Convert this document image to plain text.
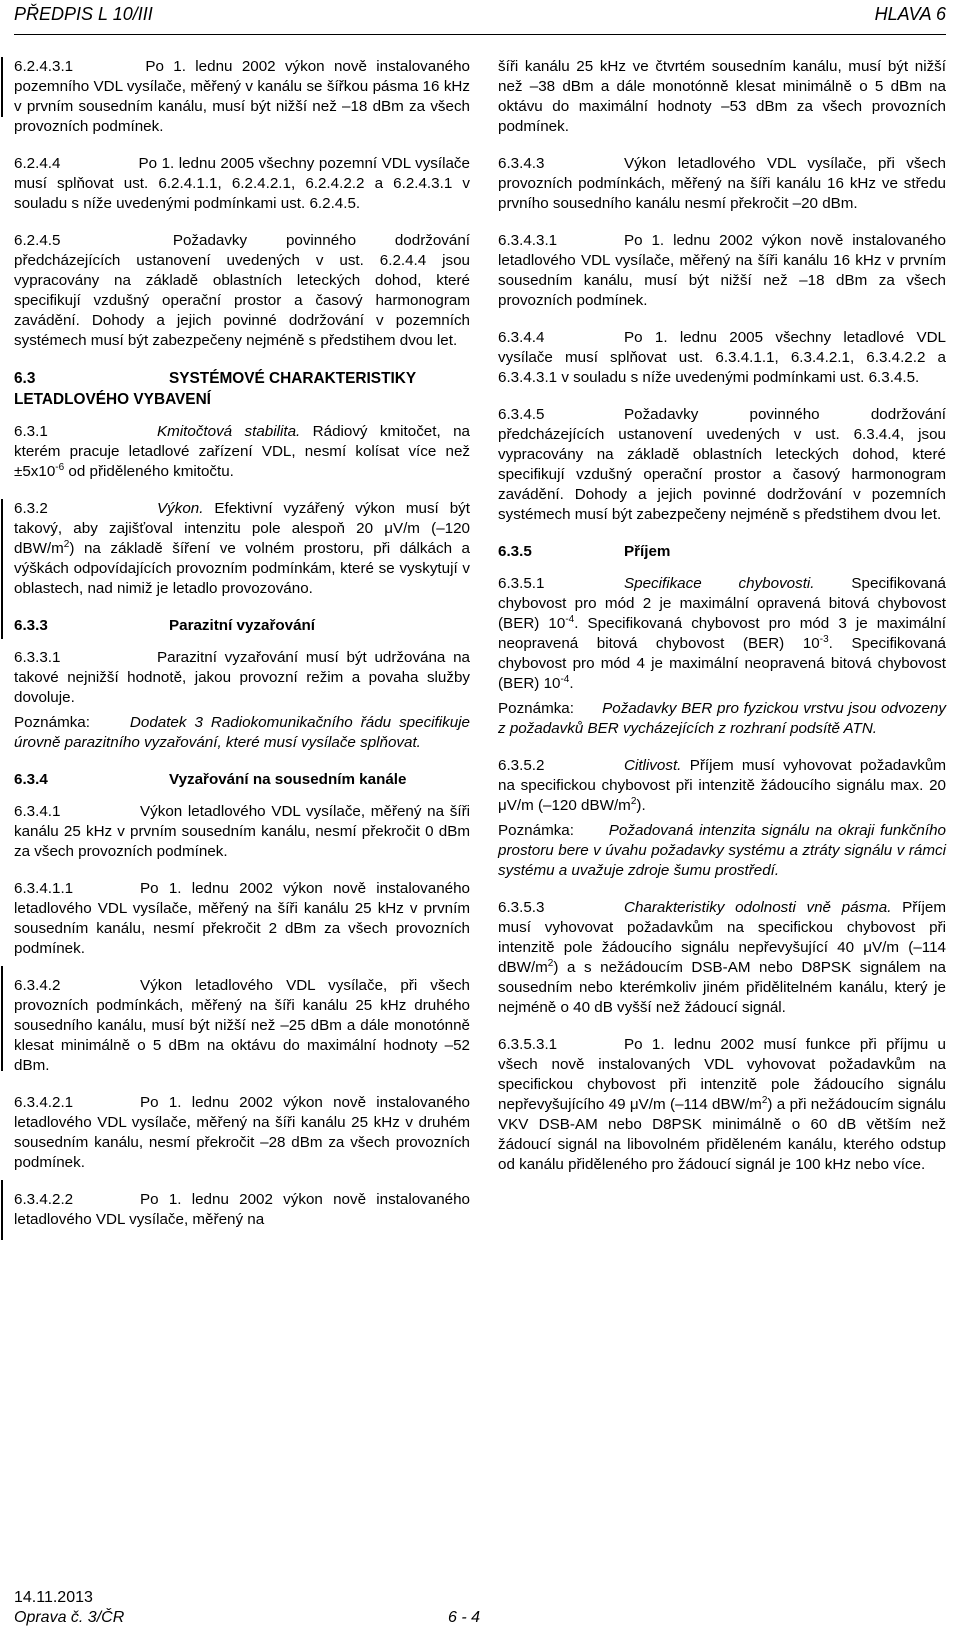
PŘEDPIS L 10/III	HLAVA 6

6.2.4.3.1	Po 1. lednu 2002 výkon nově instalovaného pozemního VDL vysílače, měřený v kanálu se šířkou pásma 16 kHz v prvním sousedním kanálu, musí být nižší než –18 dBm za všech provozních podmínek.

6.2.4.4	Po 1. lednu 2005 všechny pozemní VDL vysílače musí splňovat ust. 6.2.4.1.1, 6.2.4.2.1, 6.2.4.2.2 a 6.2.4.3.1 v souladu s níže uvedenými podmínkami ust. 6.2.4.5.

6.2.4.5	Požadavky povinného dodržování předcházejících ustanovení uvedených v ust. 6.2.4.4 jsou vypracovány na základě oblastních leteckých dohod, které specifikují vzdušný operační prostor a časový harmonogram zavádění. Dohody a jejich povinné dodržování v pozemních systémech musí být zabezpečeny nejméně s předstihem dvou let.

6.3	SYSTÉMOVÉ CHARAKTERISTIKY LETADLOVÉHO VYBAVENÍ

6.3.1	Kmitočtová stabilita. Rádiový kmitočet, na kterém pracuje letadlové zařízení VDL, nesmí kolísat více než $\pm 5x10^{-6}$ od přiděleného kmitočtu.

6.3.2	Výkon. Efektivní vyzářený výkon musí být takový, aby zajišťoval intenzitu pole alespoň 20 μV/m (–120 dBW/$m^2$) na základě šíření ve volném prostoru, při dálkách a výškách odpovídajících provozním podmínkám, které se vyskytují v oblastech, nad nimiž je letadlo provozováno.

6.3.3	Parazitní vyzařování

6.3.3.1	Parazitní vyzařování musí být udržována na takové nejnižší hodnotě, jakou provozní režim a povaha služby dovoluje.

Poznámka:	Dodatek 3 Radiokomunikačního řádu specifikuje úrovně parazitního vyzařování, které musí vysílače splňovat.

6.3.4	Vyzařování na sousedním kanále

6.3.4.1	Výkon letadlového VDL vysílače, měřený na šíři kanálu 25 kHz v prvním sousedním kanálu, nesmí překročit 0 dBm za všech provozních podmínek.

6.3.4.1.1	Po 1. lednu 2002 výkon nově instalovaného letadlového VDL vysílače, měřený na šíři kanálu 25 kHz v prvním sousedním kanálu, nesmí překročit 2 dBm za všech provozních podmínek.

6.3.4.2	Výkon letadlového VDL vysílače, při všech provozních podmínkách, měřený na šíři kanálu 25 kHz druhého sousedního kanálu, musí být nižší než –25 dBm a dále monotónně klesat minimálně o 5 dBm na oktávu do maximální hodnoty –52 dBm.

6.3.4.2.1	Po 1. lednu 2002 výkon nově instalovaného letadlového VDL vysílače, měřený na šíři kanálu 25 kHz v druhém sousedním kanálu, nesmí překročit –28 dBm za všech provozních podmínek.

6.3.4.2.2	Po 1. lednu 2002 výkon nově instalovaného letadlového VDL vysílače, měřený na

šíři kanálu 25 kHz ve čtvrtém sousedním kanálu, musí být nižší než –38 dBm a dále monotónně klesat minimálně o 5 dBm na oktávu do maximální hodnoty –53 dBm za všech provozních podmínek.

6.3.4.3	Výkon letadlového VDL vysílače, při všech provozních podmínkách, měřený na šíři kanálu 16 kHz ve středu prvního sousedního kanálu nesmí překročit –20 dBm.

6.3.4.3.1	Po 1. lednu 2002 výkon nově instalovaného letadlového VDL vysílače, měřený na šíři kanálu 16 kHz v prvním sousedním kanálu, musí být nižší než –18 dBm za všech provozních podmínek.

6.3.4.4	Po 1. lednu 2005 všechny letadlové VDL vysílače musí splňovat ust. 6.3.4.1.1, 6.3.4.2.1, 6.3.4.2.2 a 6.3.4.3.1 v souladu s níže uvedenými podmínkami ust. 6.3.4.5.

6.3.4.5	Požadavky povinného dodržování předcházejících ustanovení uvedených v ust. 6.3.4.4, jsou vypracovány na základě oblastních leteckých dohod, které specifikují vzdušný operační prostor a časový harmonogram zavádění. Dohody a jejich povinné dodržování v pozemních systémech musí být zabezpečeny nejméně s předstihem dvou let.

6.3.5	Příjem

6.3.5.1	Specifikace chybovosti. Specifikovaná chybovost pro mód 2 je maximální opravená bitová chybovost (BER) $10^{-4}$. Specifikovaná chybovost pro mód 3 je maximální neopravená bitová chybovost (BER) $10^{-3}$. Specifikovaná chybovost pro mód 4 je maximální neopravená bitová chybovost (BER) $10^{-4}$.

Poznámka: Požadavky BER pro fyzickou vrstvu jsou odvozeny z požadavků BER vycházejících z rozhraní podsítě ATN.

6.3.5.2	Citlivost. Příjem musí vyhovovat požadavkům na specifickou chybovost při intenzitě žádoucího signálu max. 20 μV/m (–120 dBW/$m^2$).

Poznámka: Požadovaná intenzita signálu na okraji funkčního prostoru bere v úvahu požadavky systému a ztráty signálu v rámci systému a uvažuje zdroje šumu prostředí.

6.3.5.3	Charakteristiky odolnosti vně pásma. Příjem musí vyhovovat požadavkům na specifickou chybovost při intenzitě pole žádoucího signálu nepřevyšující 40 μV/m (–114 dBW/$m^2$) a s nežádoucím DSB-AM nebo D8PSK signálem na sousedním nebo kterémkoliv jiném přidělitelném kanálu, který je nejméně o 40 dB vyšší než žádoucí signál.

6.3.5.3.1	Po 1. lednu 2002 musí funkce při příjmu u všech nově instalovaných VDL vyhovovat požadavkům na specifickou chybovost při intenzitě pole žádoucího signálu nepřevyšujícího 49 μV/m (–114 dBW/$m^2$) a při nežádoucím signálu VKV DSB-AM nebo D8PSK minimálně o 60 dB větším než žádoucí signál na libovolném přiděleném kanálu, kterého odstup od kanálu přiděleného pro žádoucí signál je 100 kHz nebo více.

14.11.2013
Oprava č. 3/ČR	6 - 4
